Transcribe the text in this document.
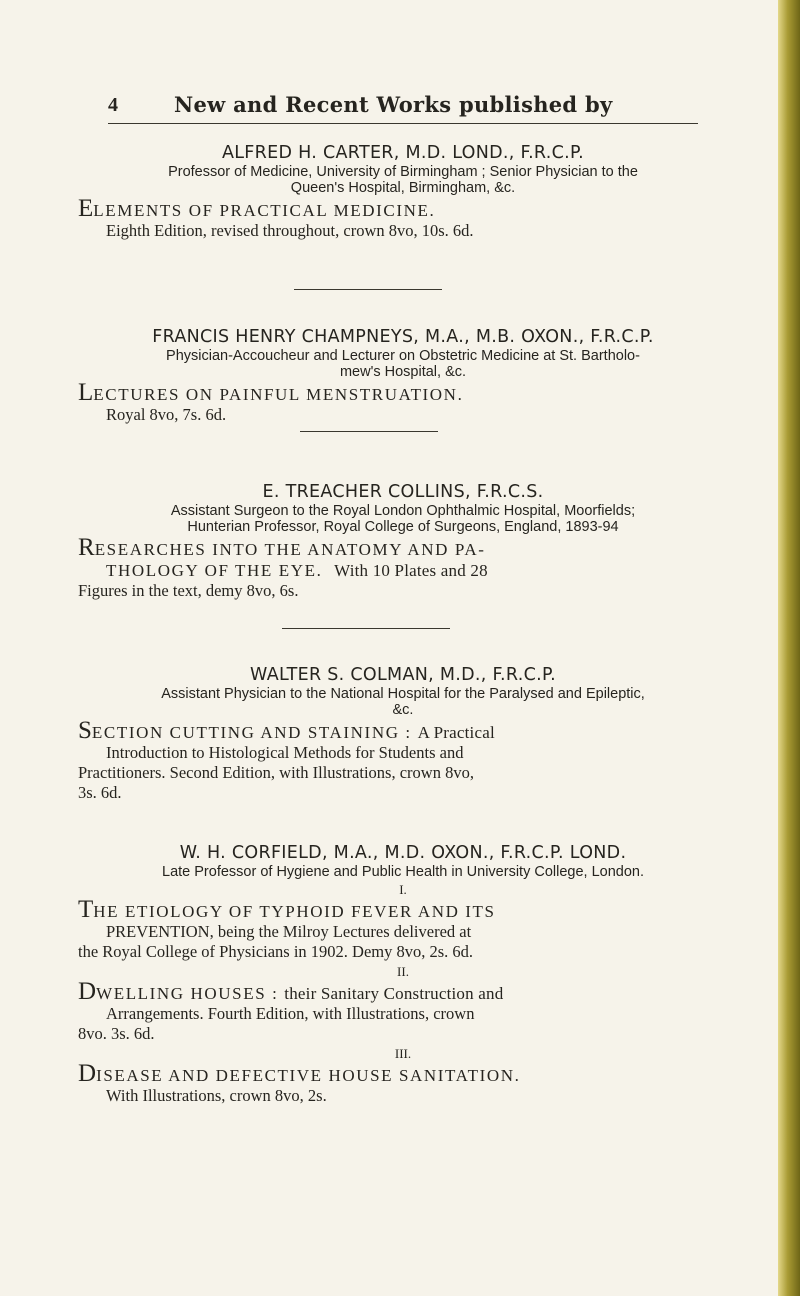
4	New and Recent Works published by

ALFRED H. CARTER, M.D. LOND., F.R.C.P.

Professor of Medicine, University of Birmingham ; Senior Physician to the

Queen's Hospital, Birmingham, &c.

ELEMENTS OF PRACTICAL MEDICINE.

Eighth Edition, revised throughout, crown 8vo, 10s. 6d.

FRANCIS HENRY CHAMPNEYS, M.A., M.B. OXON., F.R.C.P.

Physician-Accoucheur and Lecturer on Obstetric Medicine at St. Bartholo-

mew's Hospital, &c.

LECTURES ON PAINFUL MENSTRUATION.

Royal 8vo, 7s. 6d.

E. TREACHER COLLINS, F.R.C.S.

Assistant Surgeon to the Royal London Ophthalmic Hospital, Moorfields;

Hunterian Professor, Royal College of Surgeons, England, 1893-94

RESEARCHES INTO THE ANATOMY AND PA-

THOLOGY OF THE EYE. With 10 Plates and 28

Figures in the text, demy 8vo, 6s.

WALTER S. COLMAN, M.D., F.R.C.P.

Assistant Physician to the National Hospital for the Paralysed and Epileptic,

&c.

SECTION CUTTING AND STAINING : A Practical

Introduction to Histological Methods for Students and

Practitioners. Second Edition, with Illustrations, crown 8vo,

3s. 6d.

W. H. CORFIELD, M.A., M.D. OXON., F.R.C.P. LOND.

Late Professor of Hygiene and Public Health in University College, London.

I.

THE ETIOLOGY OF TYPHOID FEVER AND ITS

PREVENTION, being the Milroy Lectures delivered at

the Royal College of Physicians in 1902. Demy 8vo, 2s. 6d.

II.

DWELLING HOUSES : their Sanitary Construction and

Arrangements. Fourth Edition, with Illustrations, crown

8vo. 3s. 6d.

III.

DISEASE AND DEFECTIVE HOUSE SANITATION.

With Illustrations, crown 8vo, 2s.
